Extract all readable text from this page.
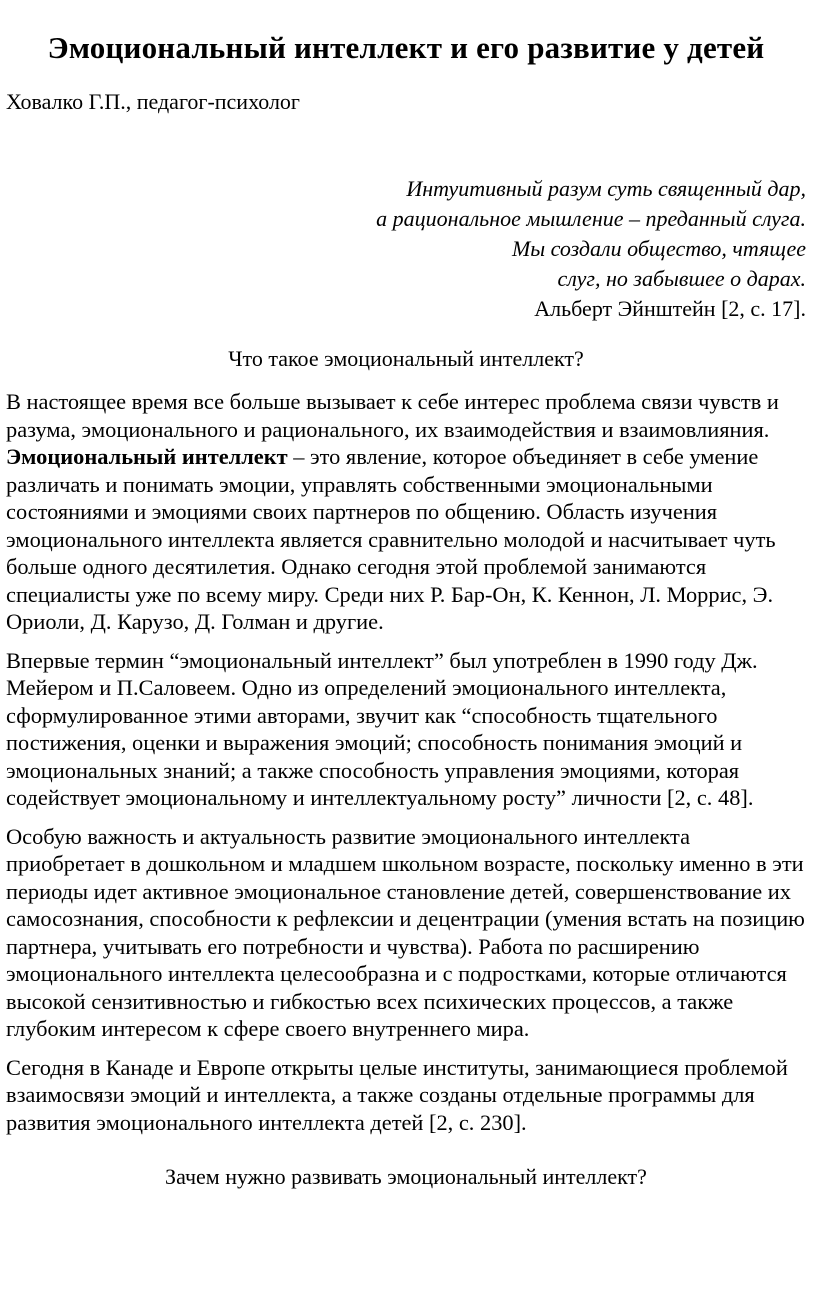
Эмоциональный интеллект и его развитие у детей

Ховалко Г.П., педагог-психолог

Интуитивный разум суть священный дар,
а рациональное мышление – преданный слуга.
Мы создали общество, чтящее
слуг, но забывшее о дарах.
Альберт Эйнштейн [2, с. 17].
Что такое эмоциональный интеллект?

В настоящее время все больше вызывает к себе интерес проблема связи чувств и разума, эмоционального и рационального, их взаимодействия и взаимовлияния. Эмоциональный интеллект – это явление, которое объединяет в себе умение различать и понимать эмоции, управлять собственными эмоциональными состояниями и эмоциями своих партнеров по общению. Область изучения эмоционального интеллекта является сравнительно молодой и насчитывает чуть больше одного десятилетия. Однако сегодня этой проблемой занимаются специалисты уже по всему миру. Среди них Р. Бар-Он, К. Кеннон, Л. Моррис, Э. Ориоли, Д. Карузо, Д. Голман и другие.

Впервые термин “эмоциональный интеллект” был употреблен в 1990 году Дж. Мейером и П.Саловеем. Одно из определений эмоционального интеллекта, сформулированное этими авторами, звучит как “способность тщательного постижения, оценки и выражения эмоций; способность понимания эмоций и эмоциональных знаний; а также способность управления эмоциями, которая содействует эмоциональному и интеллектуальному росту” личности [2, с. 48].

Особую важность и актуальность развитие эмоционального интеллекта приобретает в дошкольном и младшем школьном возрасте, поскольку именно в эти периоды идет активное эмоциональное становление детей, совершенствование их самосознания, способности к рефлексии и децентрации (умения встать на позицию партнера, учитывать его потребности и чувства). Работа по расширению эмоционального интеллекта целесообразна и с подростками, которые отличаются высокой сензитивностью и гибкостью всех психических процессов, а также глубоким интересом к сфере своего внутреннего мира.

Сегодня в Канаде и Европе открыты целые институты, занимающиеся проблемой взаимосвязи эмоций и интеллекта, а также созданы отдельные программы для развития эмоционального интеллекта детей [2, с. 230].

Зачем нужно развивать эмоциональный интеллект?
